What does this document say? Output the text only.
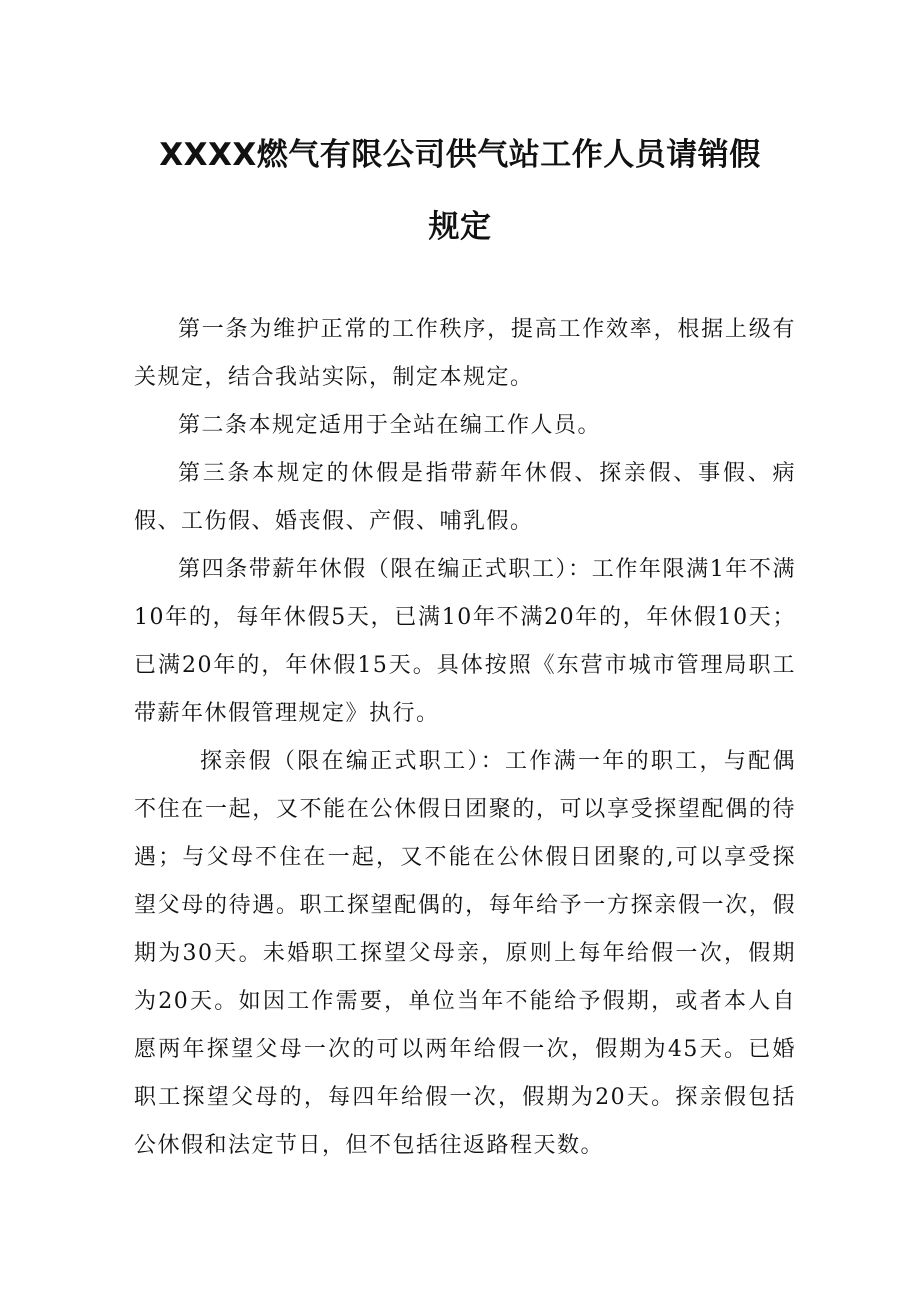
XXXX燃气有限公司供气站工作人员请销假
规定

第一条为维护正常的工作秩序，提高工作效率，根据上级有关规定，结合我站实际，制定本规定。

第二条本规定适用于全站在编工作人员。

第三条本规定的休假是指带薪年休假、探亲假、事假、病假、工伤假、婚丧假、产假、哺乳假。

第四条带薪年休假（限在编正式职工）：工作年限满1年不满10年的，每年休假5天，已满10年不满20年的，年休假10天；已满20年的，年休假15天。具体按照《东营市城市管理局职工带薪年休假管理规定》执行。

探亲假（限在编正式职工）：工作满一年的职工，与配偶不住在一起，又不能在公休假日团聚的，可以享受探望配偶的待遇；与父母不住在一起，又不能在公休假日团聚的,可以享受探望父母的待遇。职工探望配偶的，每年给予一方探亲假一次，假期为30天。未婚职工探望父母亲，原则上每年给假一次，假期为20天。如因工作需要，单位当年不能给予假期，或者本人自愿两年探望父母一次的可以两年给假一次，假期为45天。已婚职工探望父母的，每四年给假一次，假期为20天。探亲假包括公休假和法定节日，但不包括往返路程天数。
